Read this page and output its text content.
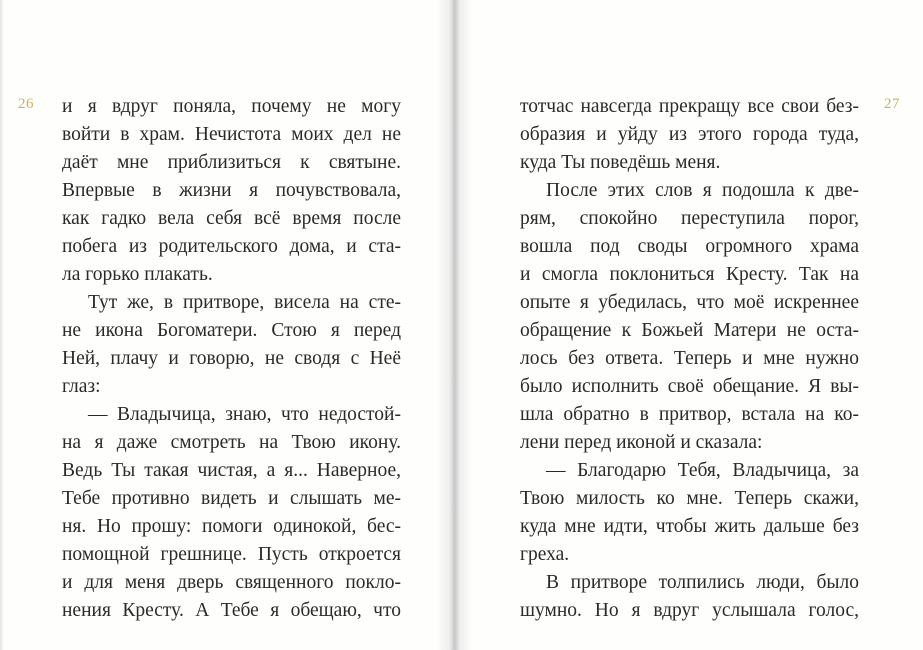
26 и я вдруг поняла, почему не могу
войти в храм. Нечистота моих дел не
даёт мне приблизиться к святыне.
Впервые в жизни я почувствовала,
как гадко вела себя всё время после
побега из родительского дома, и ста-
ла горько плакать.
Тут же, в притворе, висела на сте-
не икона Богоматери. Стою я перед
Ней, плачу и говорю, не сводя с Неё
глаз:
— Владычица, знаю, что недостой-
на я даже смотреть на Твою икону.
Ведь Ты такая чистая, а я... Наверное,
Тебе противно видеть и слышать ме-
ня. Но прошу: помоги одинокой, бес-
помощной грешнице. Пусть откроется
и для меня дверь священного покло-
нения Кресту. А Тебе я обещаю, что
27
тотчас навсегда прекращу все свои без-
образия и уйду из этого города туда,
куда Ты поведёшь меня.
После этих слов я подошла к две-
рям, спокойно переступила порог,
вошла под своды огромного храма
и смогла поклониться Кресту. Так на
опыте я убедилась, что моё искреннее
обращение к Божьей Матери не оста-
лось без ответа. Теперь и мне нужно
было исполнить своё обещание. Я вы-
шла обратно в притвор, встала на ко-
лени перед иконой и сказала:
— Благодарю Тебя, Владычица, за
Твою милость ко мне. Теперь скажи,
куда мне идти, чтобы жить дальше без
греха.
В притворе толпились люди, было
шумно. Но я вдруг услышала голос,
